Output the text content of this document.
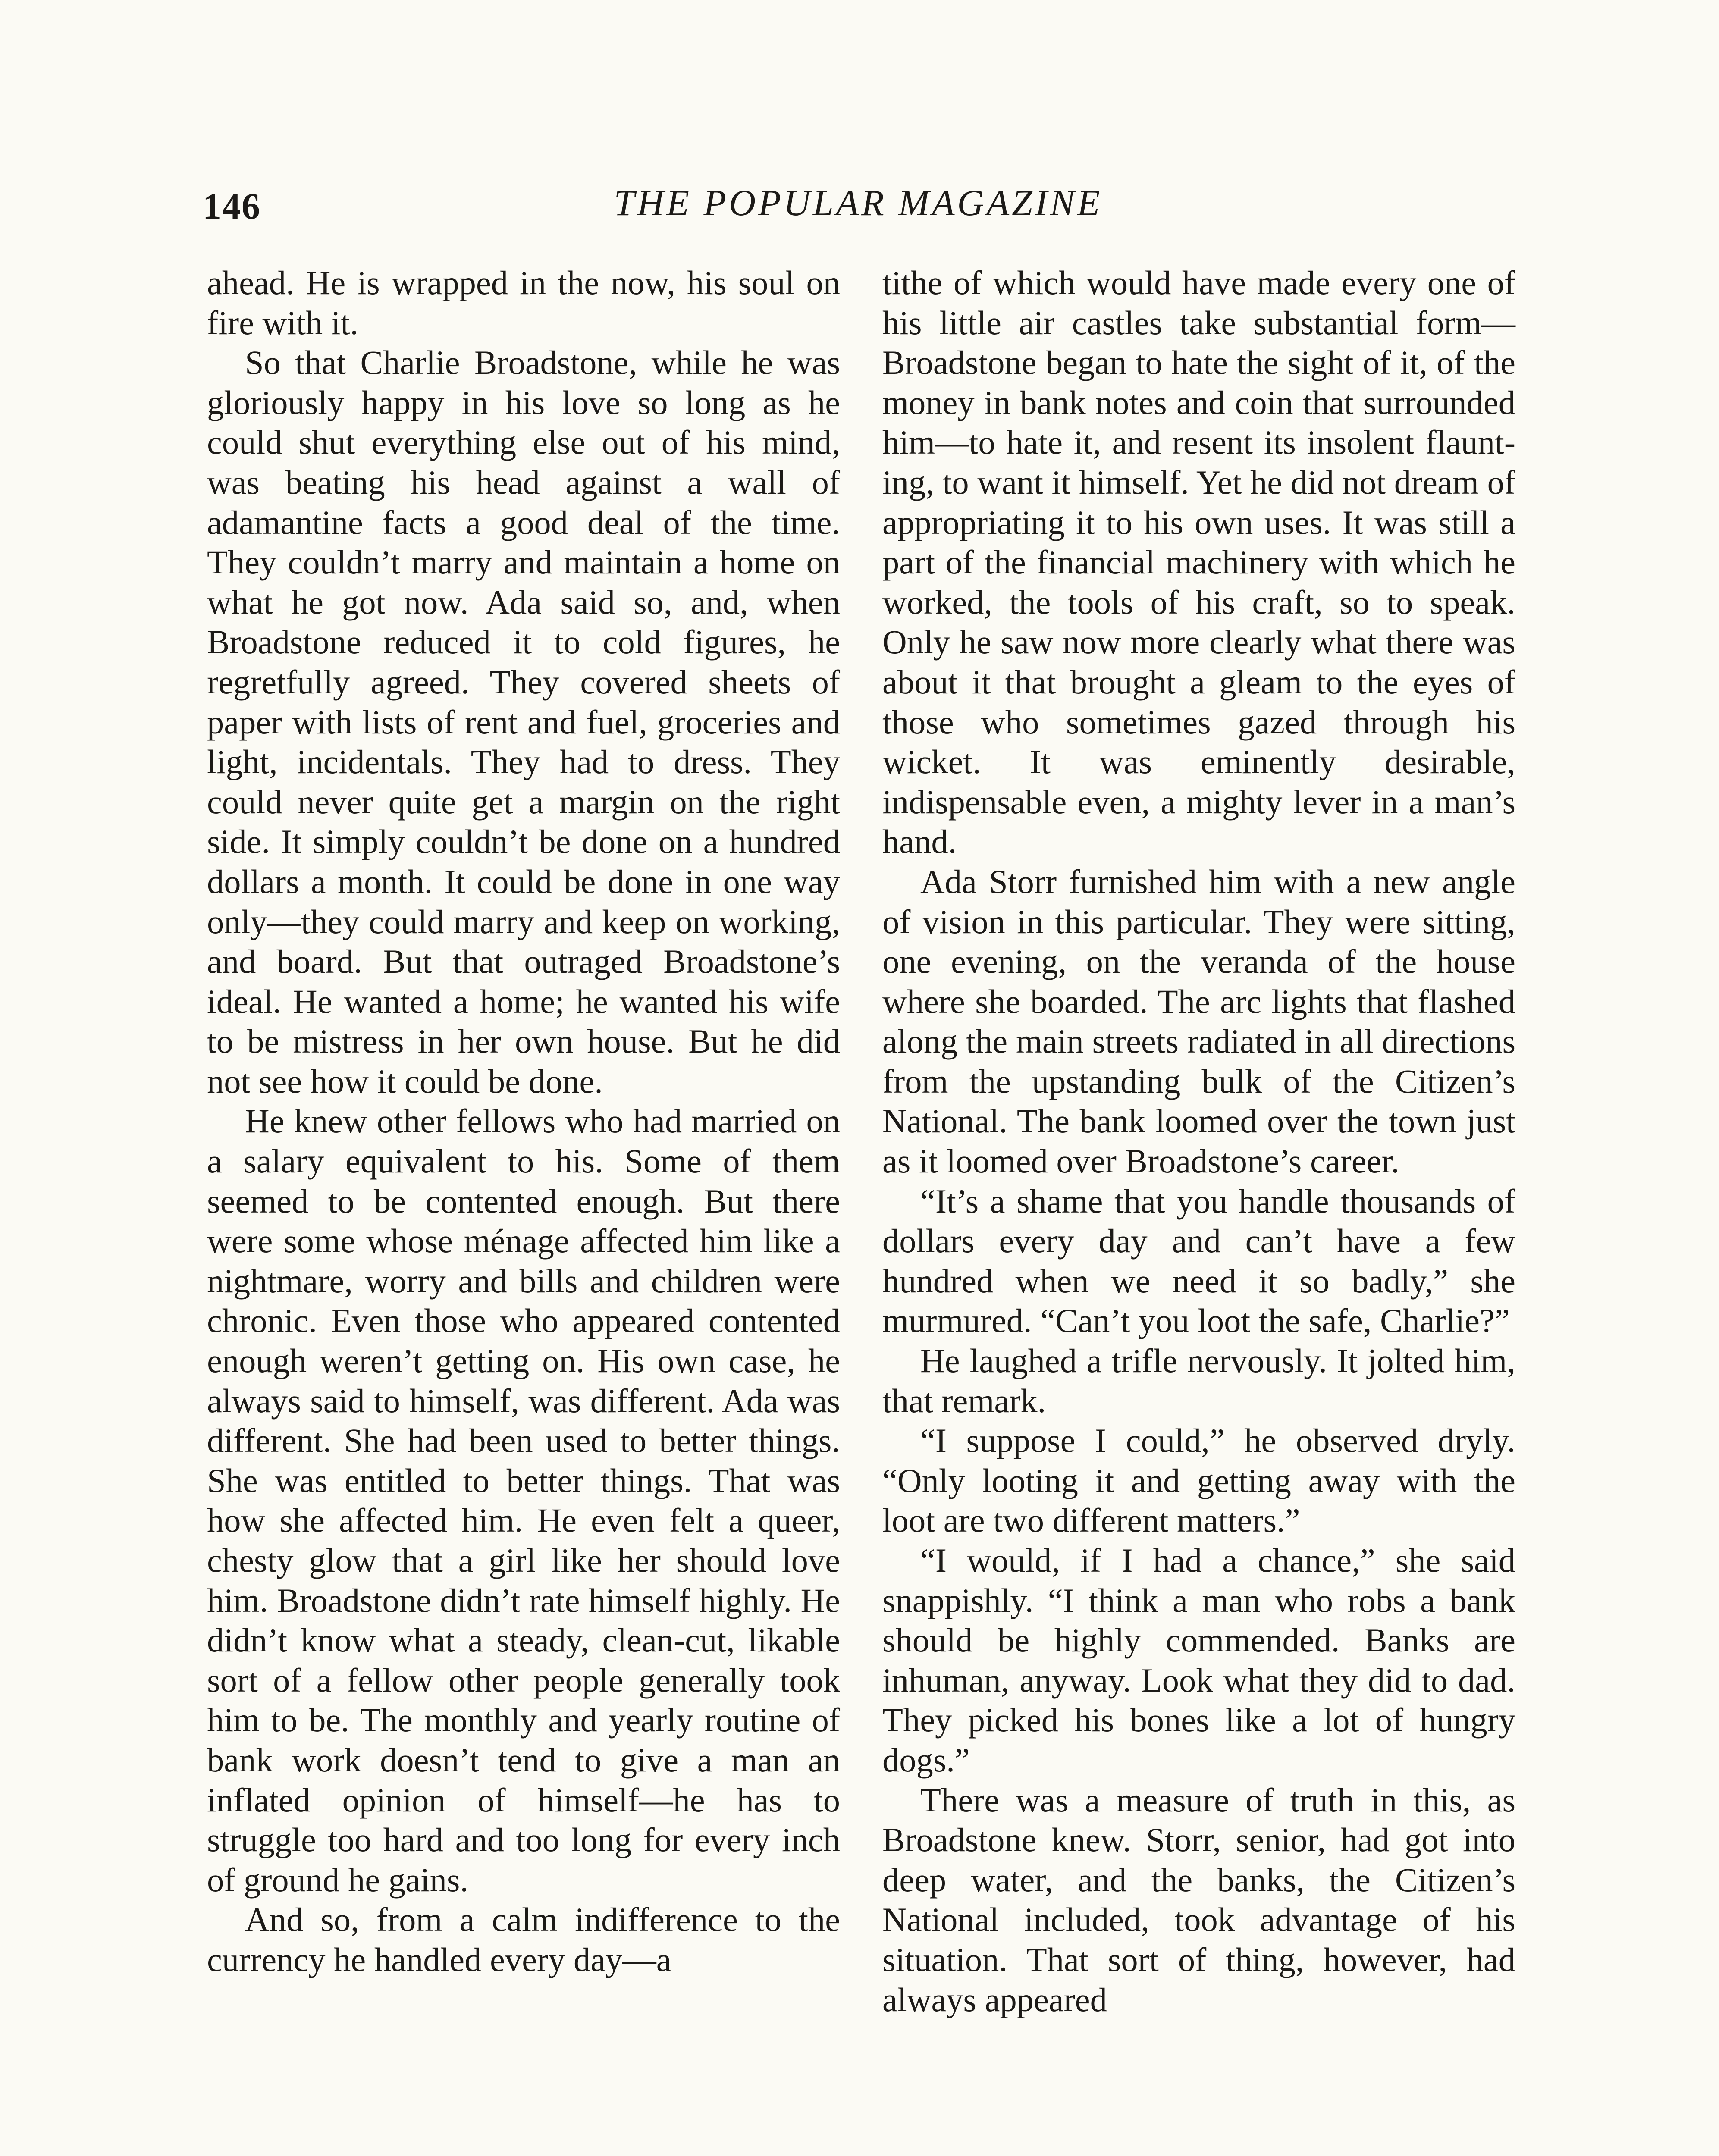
146	THE POPULAR MAGAZINE

ahead. He is wrapped in the now, his soul on fire with it.

So that Charlie Broadstone, while he was gloriously happy in his love so long as he could shut everything else out of his mind, was beating his head against a wall of adamantine facts a good deal of the time. They couldn’t marry and maintain a home on what he got now. Ada said so, and, when Broadstone reduced it to cold figures, he regretfully agreed. They covered sheets of paper with lists of rent and fuel, groceries and light, incidentals. They had to dress. They could never quite get a margin on the right side. It simply couldn’t be done on a hundred dollars a month. It could be done in one way only—they could marry and keep on working, and board. But that outraged Broadstone’s ideal. He wanted a home; he wanted his wife to be mistress in her own house. But he did not see how it could be done.

He knew other fellows who had married on a salary equivalent to his. Some of them seemed to be contented enough. But there were some whose ménage affected him like a nightmare, worry and bills and children were chronic. Even those who appeared contented enough weren’t getting on. His own case, he always said to himself, was different. Ada was different. She had been used to better things. She was entitled to better things. That was how she affected him. He even felt a queer, chesty glow that a girl like her should love him. Broadstone didn’t rate himself highly. He didn’t know what a steady, clean-cut, likable sort of a fellow other people generally took him to be. The monthly and yearly routine of bank work doesn’t tend to give a man an inflated opinion of himself—he has to struggle too hard and too long for every inch of ground he gains.

And so, from a calm indifference to the currency he handled every day—a

tithe of which would have made every one of his little air castles take substantial form—Broadstone began to hate the sight of it, of the money in bank notes and coin that surrounded him—to hate it, and resent its insolent flaunting, to want it himself. Yet he did not dream of appropriating it to his own uses. It was still a part of the financial machinery with which he worked, the tools of his craft, so to speak. Only he saw now more clearly what there was about it that brought a gleam to the eyes of those who sometimes gazed through his wicket. It was eminently desirable, indispensable even, a mighty lever in a man’s hand.

Ada Storr furnished him with a new angle of vision in this particular. They were sitting, one evening, on the veranda of the house where she boarded. The arc lights that flashed along the main streets radiated in all directions from the upstanding bulk of the Citizen’s National. The bank loomed over the town just as it loomed over Broadstone’s career.

“It’s a shame that you handle thousands of dollars every day and can’t have a few hundred when we need it so badly,” she murmured. “Can’t you loot the safe, Charlie?”

He laughed a trifle nervously. It jolted him, that remark.

“I suppose I could,” he observed dryly. “Only looting it and getting away with the loot are two different matters.”

“I would, if I had a chance,” she said snappishly. “I think a man who robs a bank should be highly commended. Banks are inhuman, anyway. Look what they did to dad. They picked his bones like a lot of hungry dogs.”

There was a measure of truth in this, as Broadstone knew. Storr, senior, had got into deep water, and the banks, the Citizen’s National included, took advantage of his situation. That sort of thing, however, had always appeared
